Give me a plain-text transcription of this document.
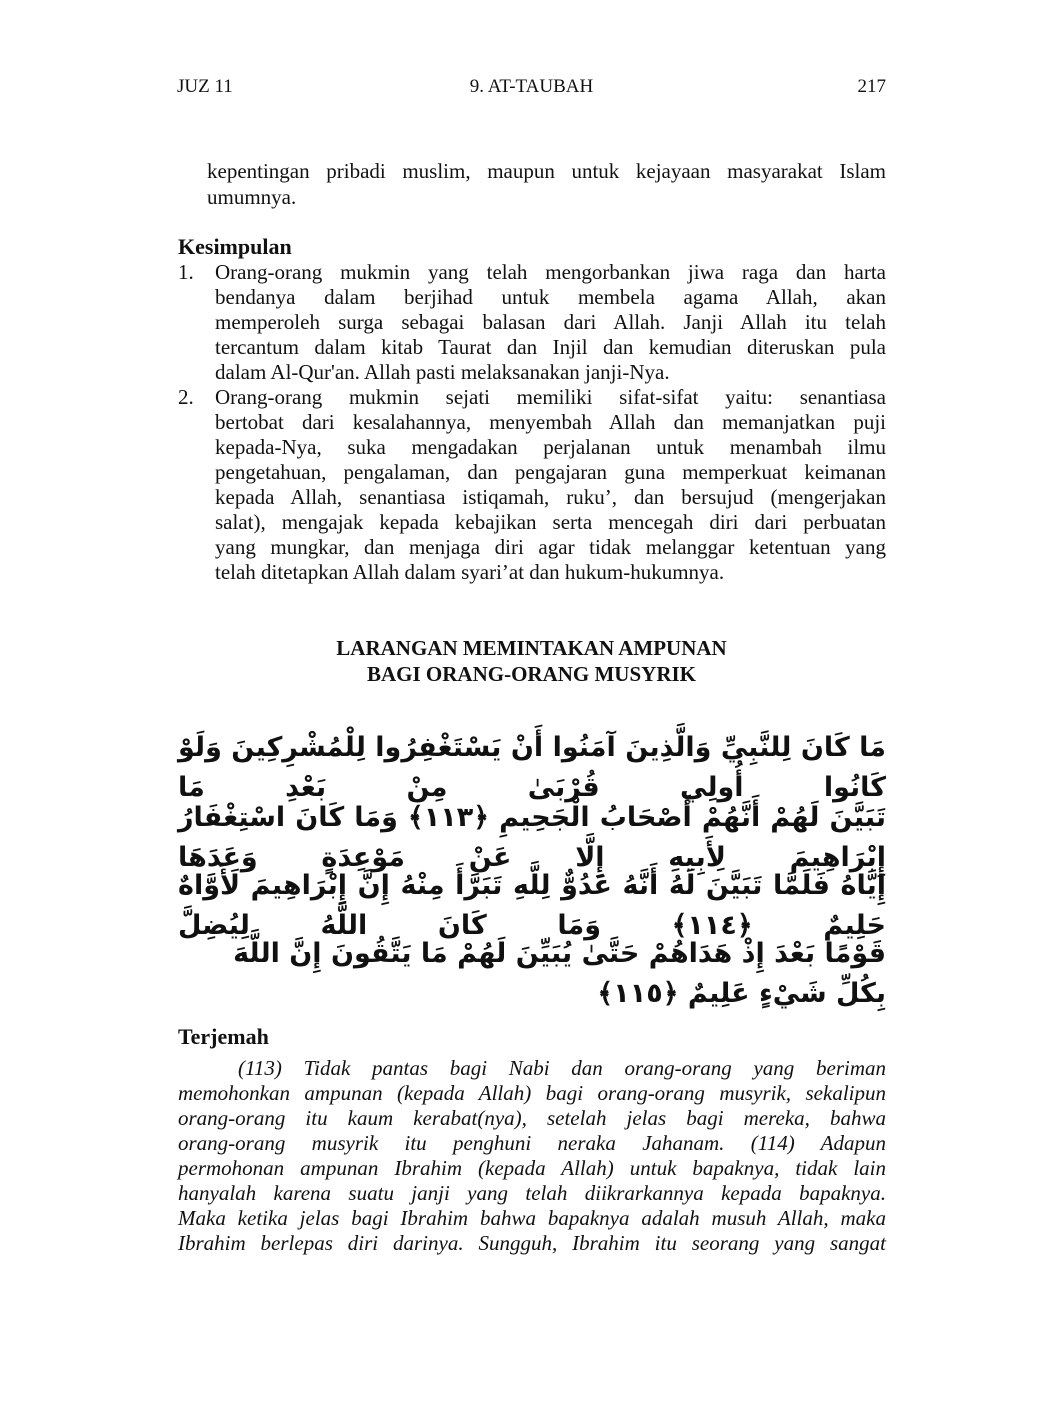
JUZ 11	9. AT-TAUBAH	217
kepentingan pribadi muslim, maupun untuk kejayaan masyarakat Islam
umumnya.
Kesimpulan
1.	Orang-orang mukmin yang telah mengorbankan jiwa raga dan harta
bendanya dalam berjihad untuk membela agama Allah, akan
memperoleh surga sebagai balasan dari Allah. Janji Allah itu telah
tercantum dalam kitab Taurat dan Injil dan kemudian diteruskan pula
dalam Al-Qur'an. Allah pasti melaksanakan janji-Nya.
2.	Orang-orang mukmin sejati memiliki sifat-sifat yaitu: senantiasa
bertobat dari kesalahannya, menyembah Allah dan memanjatkan puji
kepada-Nya, suka mengadakan perjalanan untuk menambah ilmu
pengetahuan, pengalaman, dan pengajaran guna memperkuat keimanan
kepada Allah, senantiasa istiqamah, ruku’, dan bersujud (mengerjakan
salat), mengajak kepada kebajikan serta mencegah diri dari perbuatan
yang mungkar, dan menjaga diri agar tidak melanggar ketentuan yang
telah ditetapkan Allah dalam syari’at dan hukum-hukumnya.
LARANGAN MEMINTAKAN AMPUNAN
BAGI ORANG-ORANG MUSYRIK
مَا كَانَ لِلنَّبِيِّ وَالَّذِينَ آمَنُوا أَنْ يَسْتَغْفِرُوا لِلْمُشْرِكِينَ وَلَوْ كَانُوا أُولِي قُرْبَىٰ مِنْ بَعْدِ مَا
تَبَيَّنَ لَهُمْ أَنَّهُمْ أَصْحَابُ الْجَحِيمِ ﴿١١٣﴾ وَمَا كَانَ اسْتِغْفَارُ إِبْرَاهِيمَ لِأَبِيهِ إِلَّا عَنْ مَوْعِدَةٍ وَعَدَهَا
إِيَّاهُ فَلَمَّا تَبَيَّنَ لَهُ أَنَّهُ عَدُوٌّ لِلَّهِ تَبَرَّأَ مِنْهُ إِنَّ إِبْرَاهِيمَ لَأَوَّاهٌ حَلِيمٌ ﴿١١٤﴾ وَمَا كَانَ اللَّهُ لِيُضِلَّ
قَوْمًا بَعْدَ إِذْ هَدَاهُمْ حَتَّىٰ يُبَيِّنَ لَهُمْ مَا يَتَّقُونَ إِنَّ اللَّهَ بِكُلِّ شَيْءٍ عَلِيمٌ ﴿١١٥﴾
Terjemah
(113) Tidak pantas bagi Nabi dan orang-orang yang beriman
memohonkan ampunan (kepada Allah) bagi orang-orang musyrik, sekalipun
orang-orang itu kaum kerabat(nya), setelah jelas bagi mereka, bahwa
orang-orang musyrik itu penghuni neraka Jahanam. (114) Adapun
permohonan ampunan Ibrahim (kepada Allah) untuk bapaknya, tidak lain
hanyalah karena suatu janji yang telah diikrarkannya kepada bapaknya.
Maka ketika jelas bagi Ibrahim bahwa bapaknya adalah musuh Allah, maka
Ibrahim berlepas diri darinya. Sungguh, Ibrahim itu seorang yang sangat
